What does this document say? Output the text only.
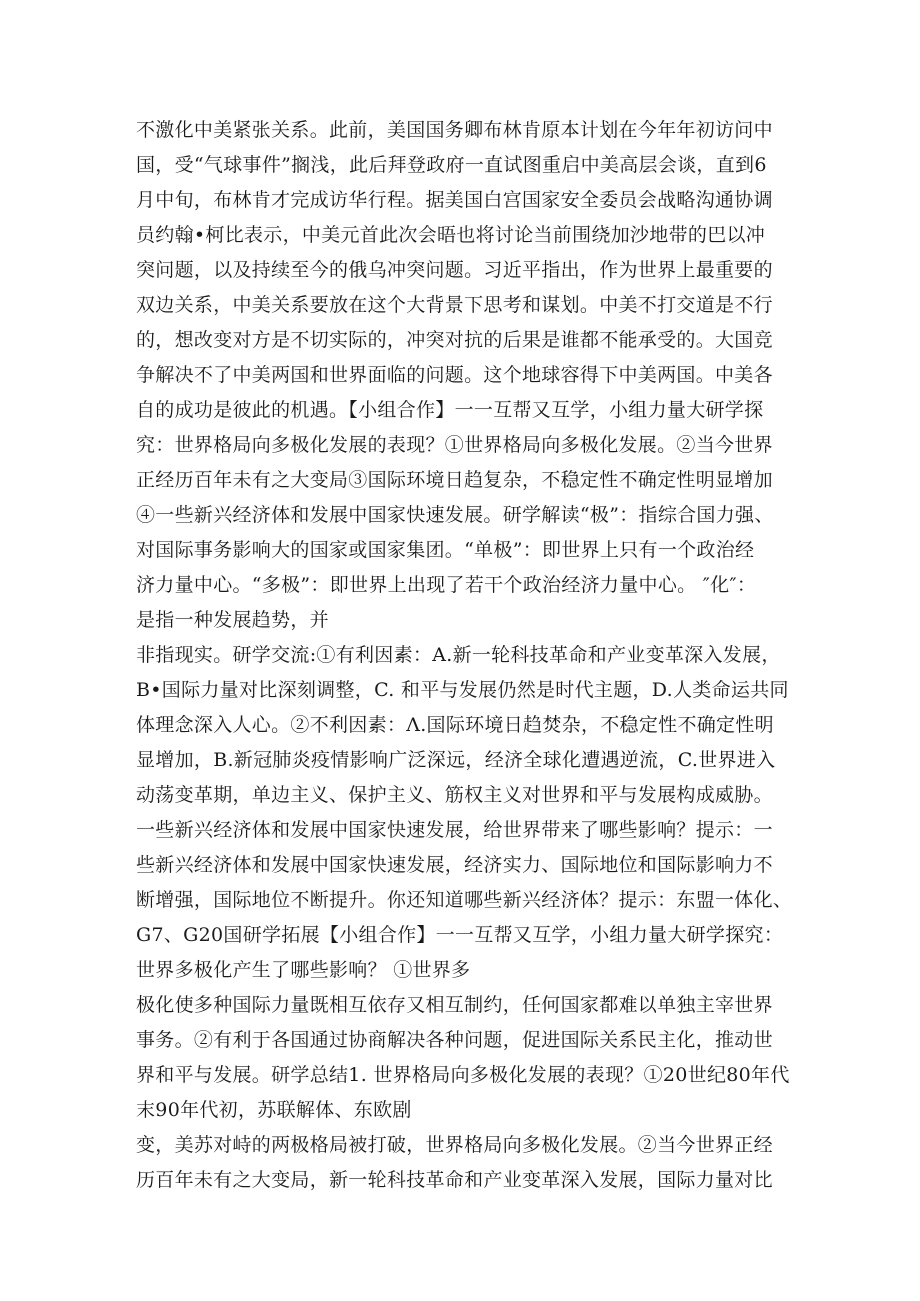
不激化中美紧张关系。此前，美国国务卿布林肯原本计划在今年年初访问中
国，受“气球事件”搁浅，此后拜登政府一直试图重启中美高层会谈，直到6
月中旬，布林肯才完成访华行程。据美国白宫国家安全委员会战略沟通协调
员约翰•柯比表示，中美元首此次会晤也将讨论当前围绕加沙地带的巴以冲
突问题，以及持续至今的俄乌冲突问题。习近平指出，作为世界上最重要的
双边关系，中美关系要放在这个大背景下思考和谋划。中美不打交道是不行
的，想改变对方是不切实际的，冲突对抗的后果是谁都不能承受的。大国竞
争解决不了中美两国和世界面临的问题。这个地球容得下中美两国。中美各
自的成功是彼此的机遇。【小组合作】一一互帮又互学，小组力量大研学探
究：世界格局向多极化发展的表现？①世界格局向多极化发展。②当今世界
正经历百年未有之大变局③国际环境日趋复杂，不稳定性不确定性明显增加
④一些新兴经济体和发展中国家快速发展。研学解读“极”：指综合国力强、
对国际事务影响大的国家或国家集团。“单极”：即世界上只有一个政治经
济力量中心。“多极”：即世界上出现了若干个政治经济力量中心。 ″化″：
是指一种发展趋势，并
非指现实。研学交流:①有利因素：A.新一轮科技革命和产业变革深入发展，
B•国际力量对比深刻调整，C. 和平与发展仍然是时代主题，D.人类命运共同
体理念深入人心。②不利因素：Λ.国际环境日趋焚杂，不稳定性不确定性明
显增加，B.新冠肺炎疫情影响广泛深远，经济全球化遭遇逆流，C.世界进入
动荡变革期，单边主义、保护主义、筋权主义对世界和平与发展构成威胁。
一些新兴经济体和发展中国家快速发展，给世界带来了哪些影响？提示：一
些新兴经济体和发展中国家快速发展，经济实力、国际地位和国际影响力不
断增强，国际地位不断提升。你还知道哪些新兴经济体？提示：东盟一体化、
G7、G20国研学拓展【小组合作】一一互帮又互学，小组力量大研学探究：
世界多极化产生了哪些影响？ ①世界多
极化使多种国际力量既相互依存又相互制约，任何国家都难以单独主宰世界
事务。②有利于各国通过协商解决各种问题，促进国际关系民主化，推动世
界和平与发展。研学总结1. 世界格局向多极化发展的表现？①20世纪80年代
末90年代初，苏联解体、东欧剧
变，美苏对峙的两极格局被打破，世界格局向多极化发展。②当今世界正经
历百年未有之大变局，新一轮科技革命和产业变革深入发展，国际力量对比
